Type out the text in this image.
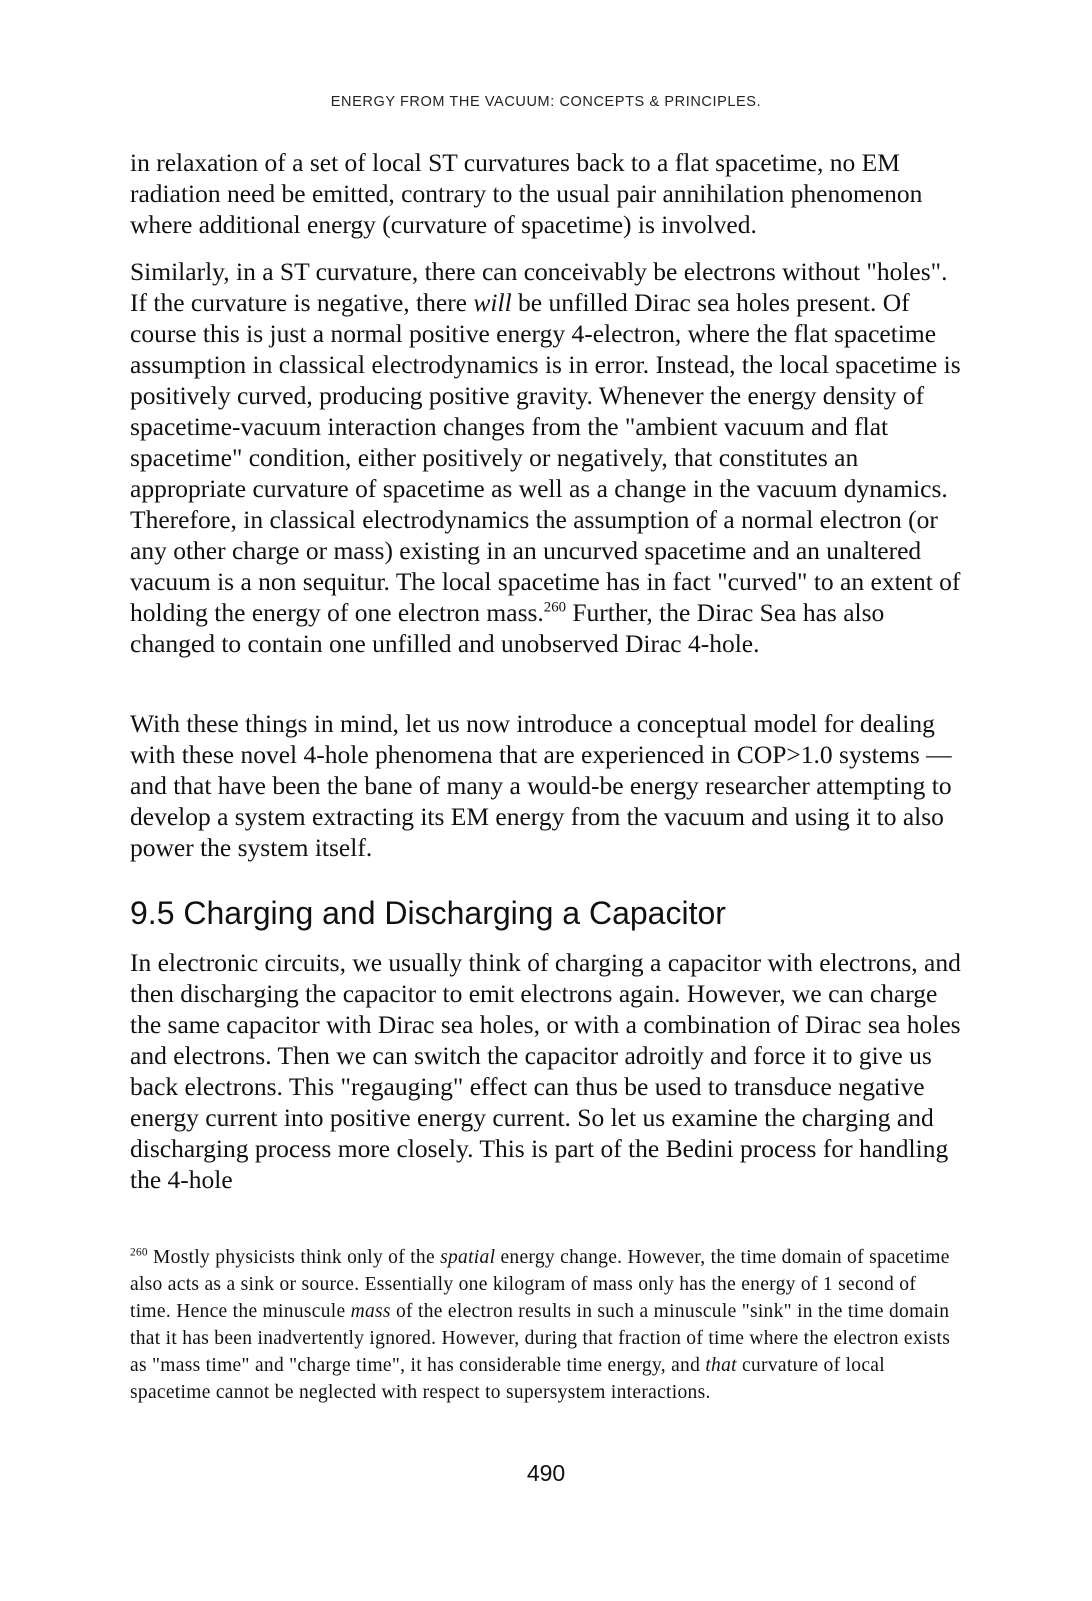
ENERGY FROM THE VACUUM: CONCEPTS & PRINCIPLES.

in relaxation of a set of local ST curvatures back to a flat spacetime, no EM radiation need be emitted, contrary to the usual pair annihilation phenomenon where additional energy (curvature of spacetime) is involved.

Similarly, in a ST curvature, there can conceivably be electrons without "holes". If the curvature is negative, there will be unfilled Dirac sea holes present. Of course this is just a normal positive energy 4-electron, where the flat spacetime assumption in classical electrodynamics is in error. Instead, the local spacetime is positively curved, producing positive gravity. Whenever the energy density of spacetime-vacuum interaction changes from the "ambient vacuum and flat spacetime" condition, either positively or negatively, that constitutes an appropriate curvature of spacetime as well as a change in the vacuum dynamics. Therefore, in classical electrodynamics the assumption of a normal electron (or any other charge or mass) existing in an uncurved spacetime and an unaltered vacuum is a non sequitur. The local spacetime has in fact "curved" to an extent of holding the energy of one electron mass.$^{260}$ Further, the Dirac Sea has also changed to contain one unfilled and unobserved Dirac 4-hole.

With these things in mind, let us now introduce a conceptual model for dealing with these novel 4-hole phenomena that are experienced in COP>1.0 systems — and that have been the bane of many a would-be energy researcher attempting to develop a system extracting its EM energy from the vacuum and using it to also power the system itself.

9.5 Charging and Discharging a Capacitor

In electronic circuits, we usually think of charging a capacitor with electrons, and then discharging the capacitor to emit electrons again. However, we can charge the same capacitor with Dirac sea holes, or with a combination of Dirac sea holes and electrons. Then we can switch the capacitor adroitly and force it to give us back electrons. This "regauging" effect can thus be used to transduce negative energy current into positive energy current. So let us examine the charging and discharging process more closely. This is part of the Bedini process for handling the 4-hole

$^{260}$ Mostly physicists think only of the spatial energy change. However, the time domain of spacetime also acts as a sink or source. Essentially one kilogram of mass only has the energy of 1 second of time. Hence the minuscule mass of the electron results in such a minuscule "sink" in the time domain that it has been inadvertently ignored. However, during that fraction of time where the electron exists as "mass time" and "charge time", it has considerable time energy, and that curvature of local spacetime cannot be neglected with respect to supersystem interactions.

490
